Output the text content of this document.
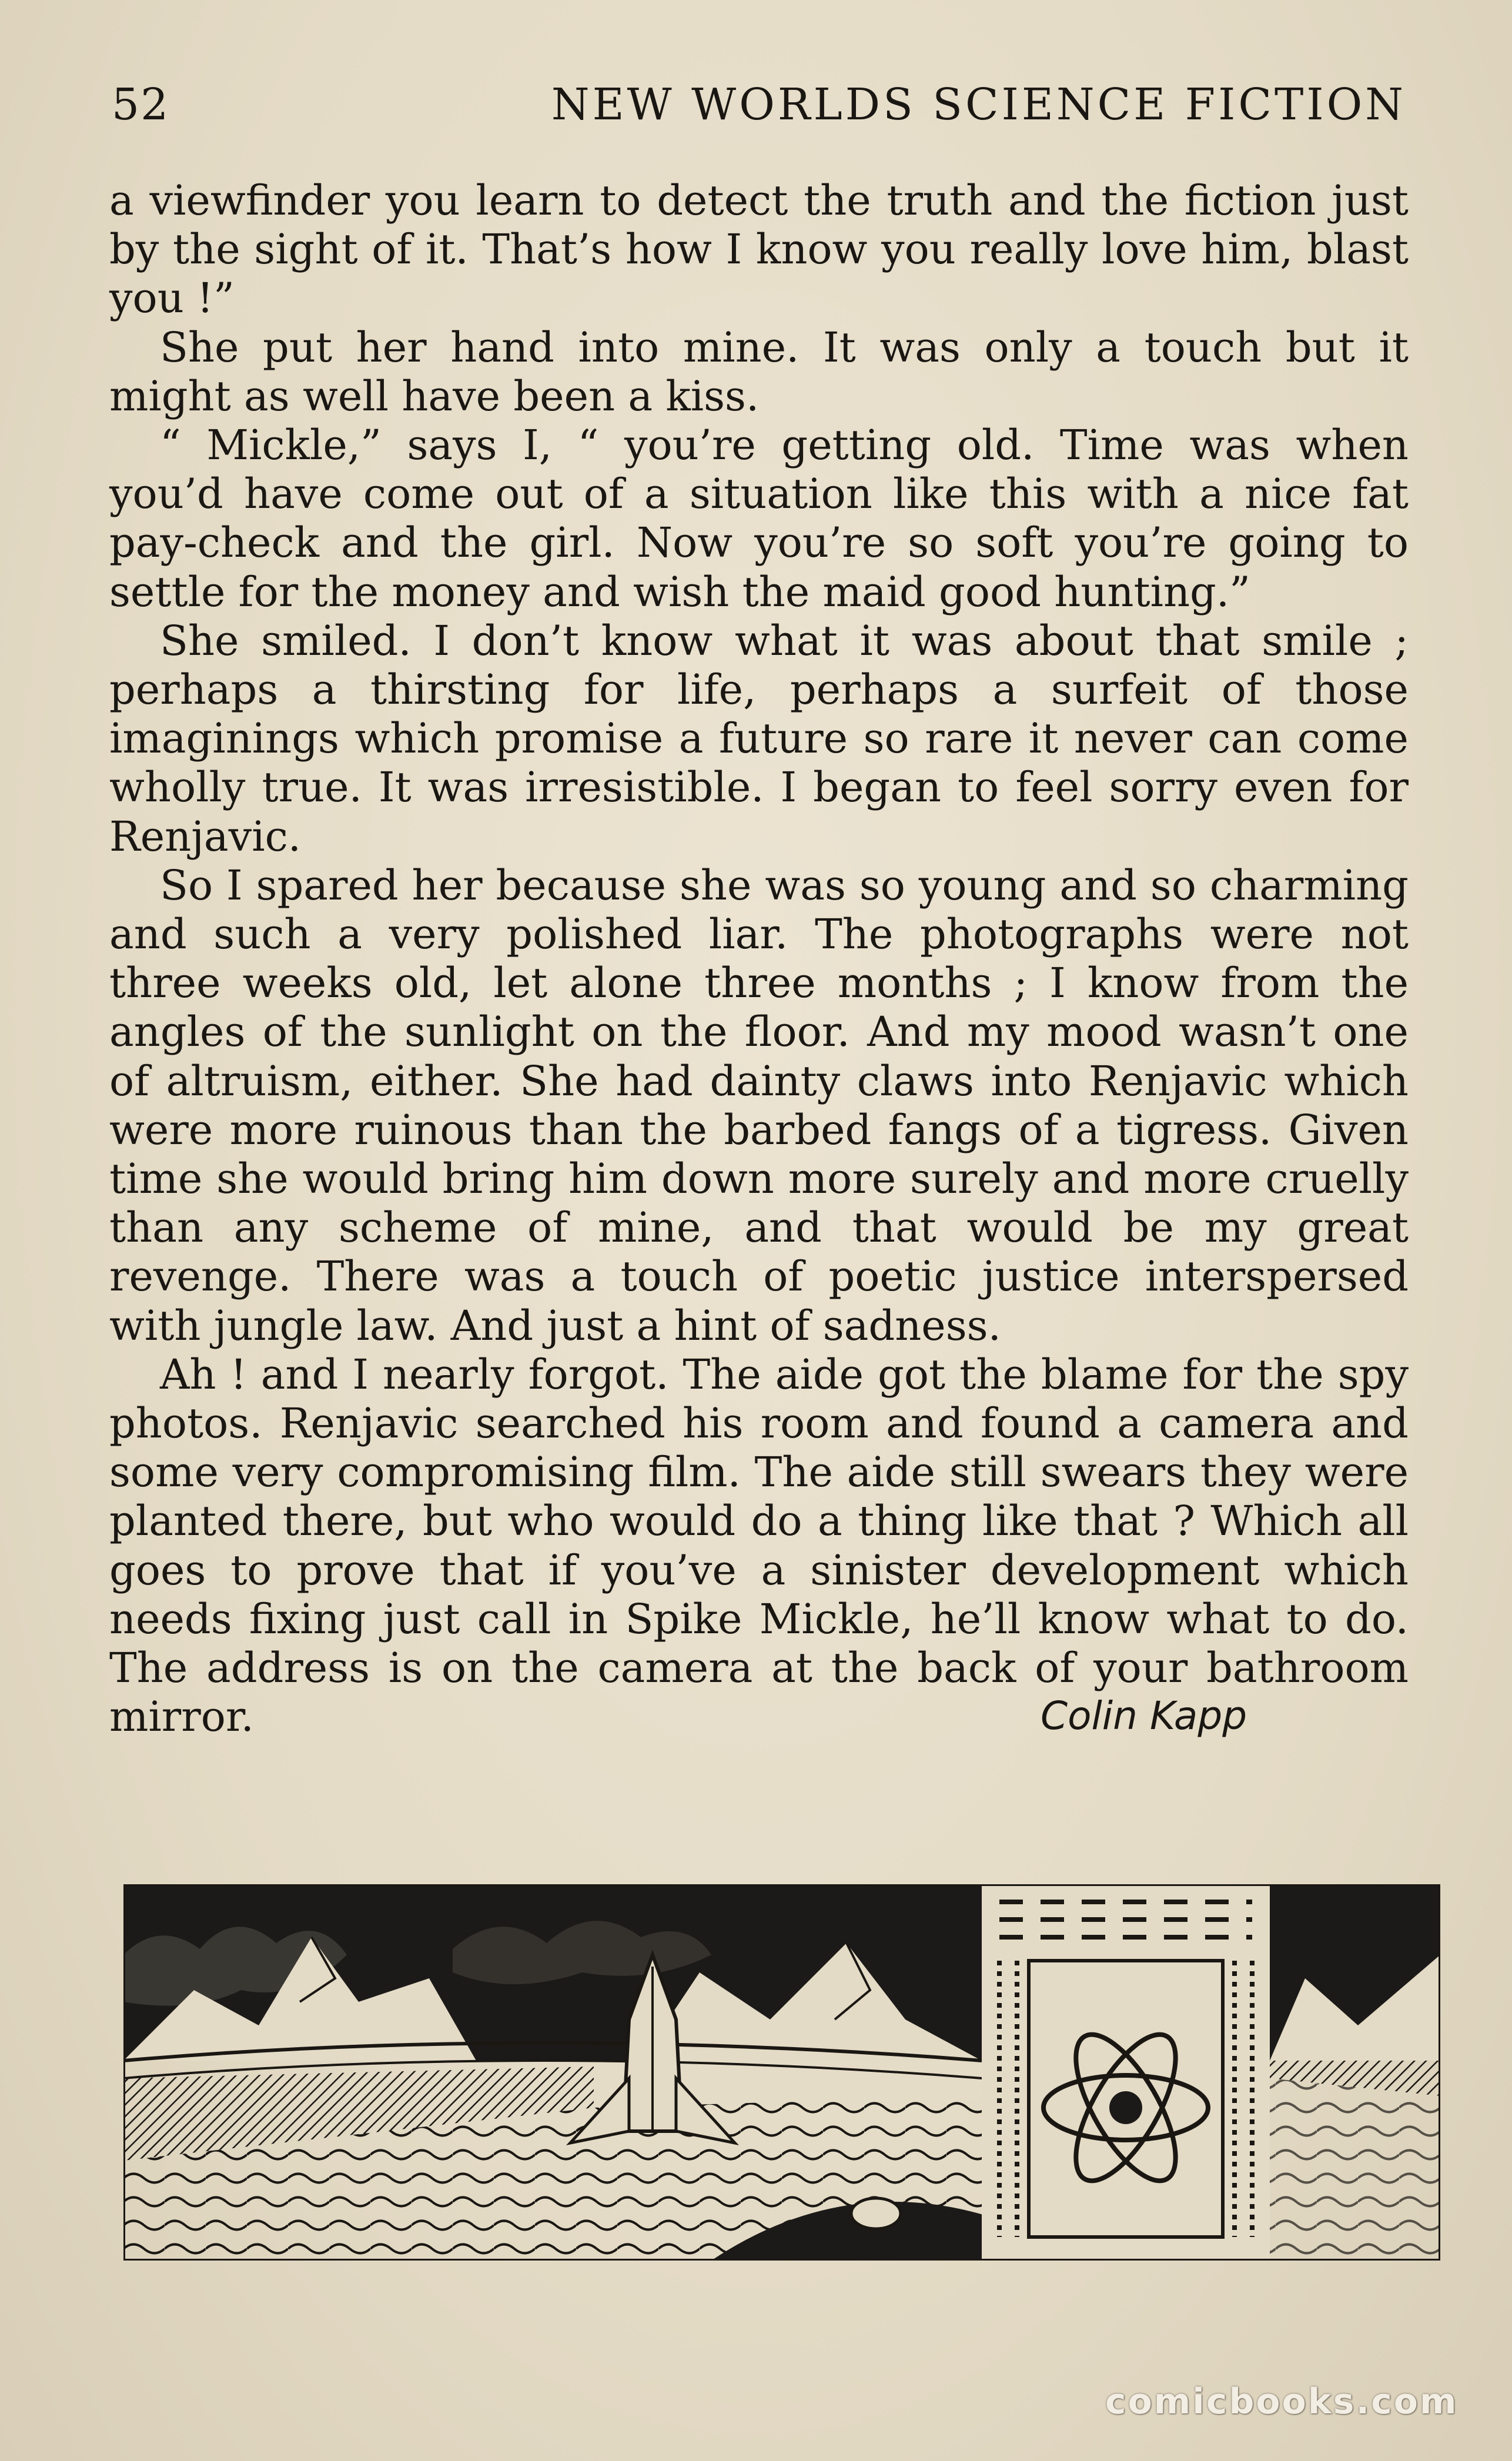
52	NEW WORLDS SCIENCE FICTION

a viewfinder you learn to detect the truth and the fiction just by the sight of it. That’s how I know you really love him, blast you !”

She put her hand into mine. It was only a touch but it might as well have been a kiss.

“ Mickle,” says I, “ you’re getting old. Time was when you’d have come out of a situation like this with a nice fat pay-check and the girl. Now you’re so soft you’re going to settle for the money and wish the maid good hunting.”

She smiled. I don’t know what it was about that smile ; perhaps a thirsting for life, perhaps a surfeit of those imaginings which promise a future so rare it never can come wholly true. It was irresistible. I began to feel sorry even for Renjavic.

So I spared her because she was so young and so charming and such a very polished liar. The photographs were not three weeks old, let alone three months ; I know from the angles of the sunlight on the floor. And my mood wasn’t one of altruism, either. She had dainty claws into Renjavic which were more ruinous than the barbed fangs of a tigress. Given time she would bring him down more surely and more cruelly than any scheme of mine, and that would be my great revenge. There was a touch of poetic justice interspersed with jungle law. And just a hint of sadness.

Ah ! and I nearly forgot. The aide got the blame for the spy photos. Renjavic searched his room and found a camera and some very compromising film. The aide still swears they were planted there, but who would do a thing like that ? Which all goes to prove that if you’ve a sinister development which needs fixing just call in Spike Mickle, he’ll know what to do. The address is on the camera at the back of your bathroom mirror.	Colin Kapp
comicbooks.com
